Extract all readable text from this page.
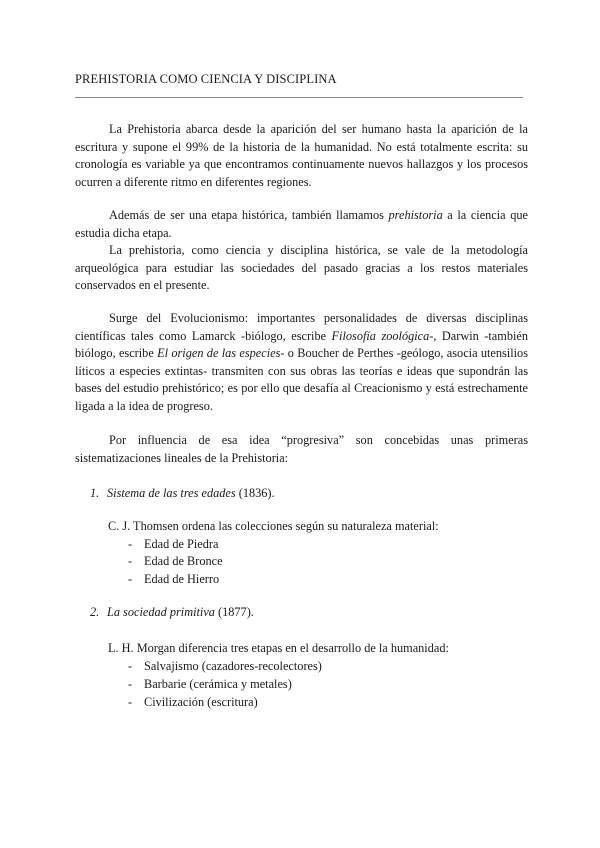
PREHISTORIA COMO CIENCIA Y DISCIPLINA

La Prehistoria abarca desde la aparición del ser humano hasta la aparición de la escritura y supone el 99% de la historia de la humanidad. No está totalmente escrita: su cronología es variable ya que encontramos continuamente nuevos hallazgos y los procesos ocurren a diferente ritmo en diferentes regiones.

Además de ser una etapa histórica, también llamamos prehistoria a la ciencia que estudia dicha etapa.

La prehistoria, como ciencia y disciplina histórica, se vale de la metodología arqueológica para estudiar las sociedades del pasado gracias a los restos materiales conservados en el presente.

Surge del Evolucionismo: importantes personalidades de diversas disciplinas científicas tales como Lamarck -biólogo, escribe Filosofía zoológica-, Darwin -también biólogo, escribe El origen de las especies- o Boucher de Perthes -geólogo, asocia utensilios líticos a especies extintas- transmiten con sus obras las teorías e ideas que supondrán las bases del estudio prehistórico; es por ello que desafía al Creacionismo y está estrechamente ligada a la idea de progreso.

Por influencia de esa idea “progresiva” son concebidas unas primeras sistematizaciones lineales de la Prehistoria:

1. Sistema de las tres edades (1836).
C. J. Thomsen ordena las colecciones según su naturaleza material:
- Edad de Piedra
- Edad de Bronce
- Edad de Hierro
2. La sociedad primitiva (1877).
L. H. Morgan diferencia tres etapas en el desarrollo de la humanidad:
- Salvajismo (cazadores-recolectores)
- Barbarie (cerámica y metales)
- Civilización (escritura)
